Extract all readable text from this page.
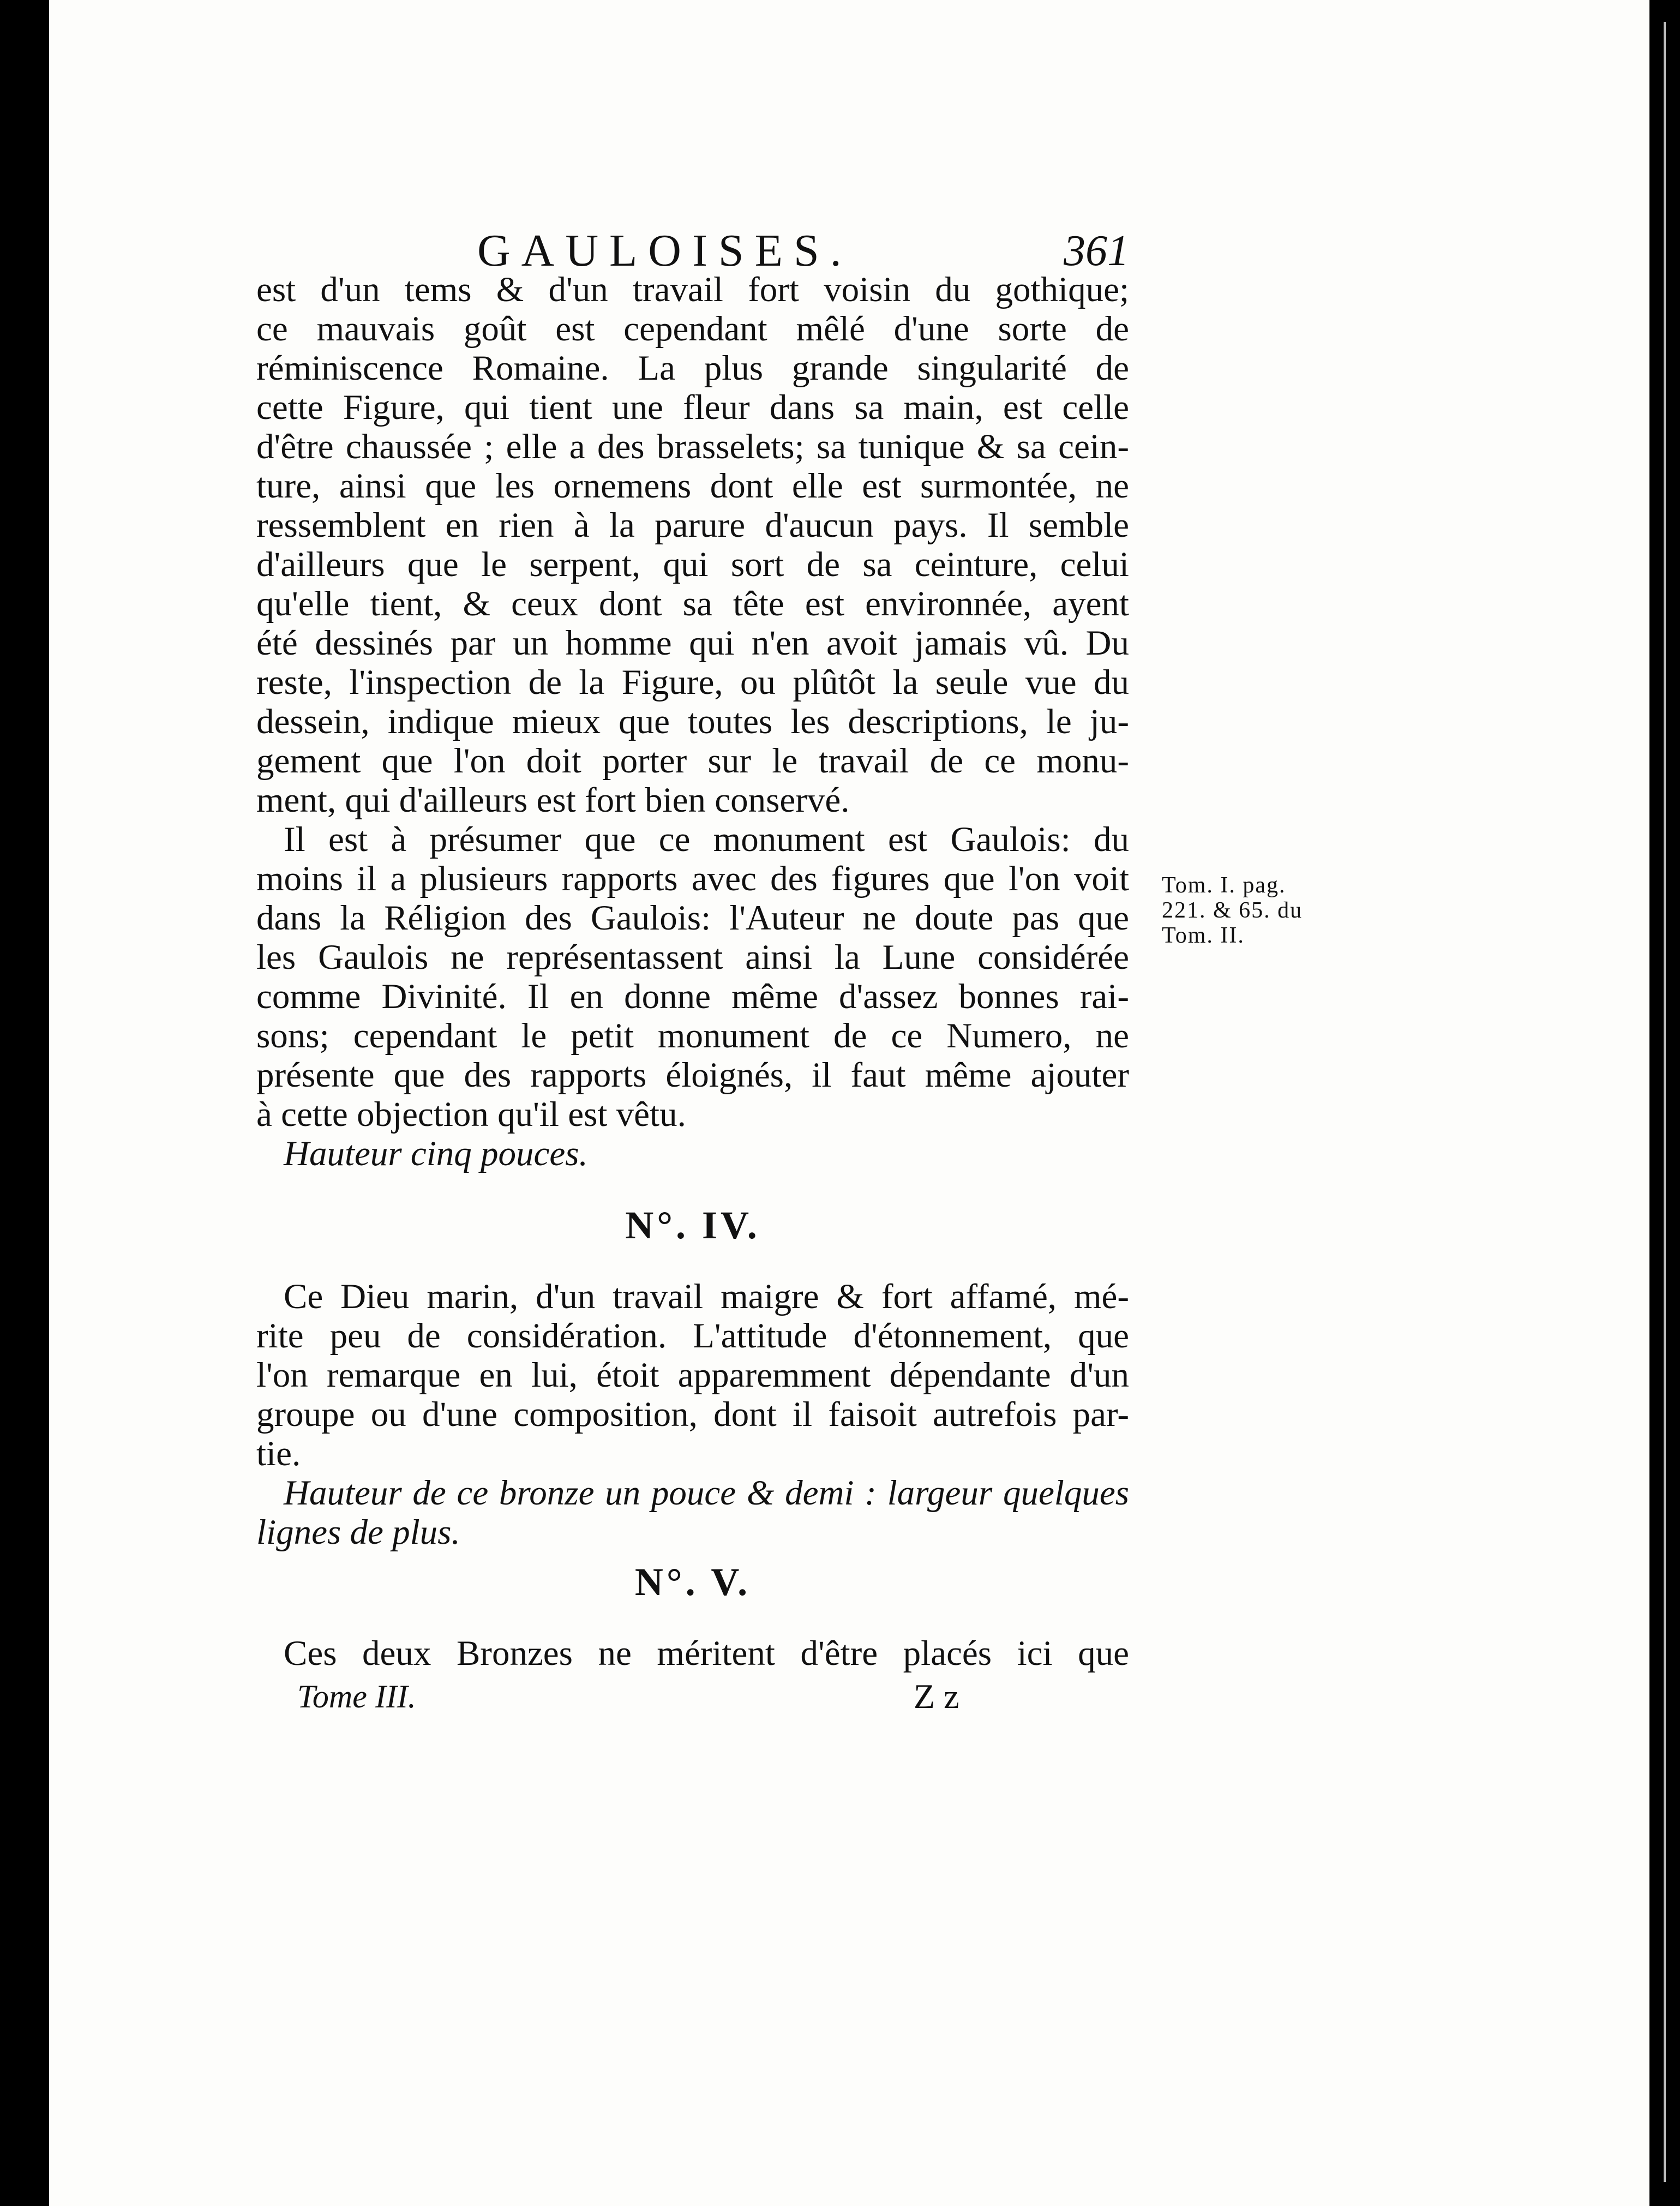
GAULOISES.	361
est d'un tems & d'un travail fort voisin du gothique;
ce mauvais goût est cependant mêlé d'une sorte de
réminiscence Romaine. La plus grande singularité de
cette Figure, qui tient une fleur dans sa main, est celle
d'être chaussée ; elle a des brasselets; sa tunique & sa cein-
ture, ainsi que les ornemens dont elle est surmontée, ne
ressemblent en rien à la parure d'aucun pays. Il semble
d'ailleurs que le serpent, qui sort de sa ceinture, celui
qu'elle tient, & ceux dont sa tête est environnée, ayent
été dessinés par un homme qui n'en avoit jamais vû. Du
reste, l'inspection de la Figure, ou plûtôt la seule vue du
dessein, indique mieux que toutes les descriptions, le ju-
gement que l'on doit porter sur le travail de ce monu-
ment, qui d'ailleurs est fort bien conservé.
Il est à présumer que ce monument est Gaulois: du
moins il a plusieurs rapports avec des figures que l'on voit
dans la Réligion des Gaulois: l'Auteur ne doute pas que
les Gaulois ne représentassent ainsi la Lune considérée
comme Divinité. Il en donne même d'assez bonnes rai-
sons; cependant le petit monument de ce Numero, ne
présente que des rapports éloignés, il faut même ajouter
à cette objection qu'il est vêtu.
Hauteur cinq pouces.
N°. IV.
Ce Dieu marin, d'un travail maigre & fort affamé, mé-
rite peu de considération. L'attitude d'étonnement, que
l'on remarque en lui, étoit apparemment dépendante d'un
groupe ou d'une composition, dont il faisoit autrefois par-
tie.
Hauteur de ce bronze un pouce & demi : largeur quelques
lignes de plus.
N°. V.
Ces deux Bronzes ne méritent d'être placés ici que
Tom. I. pag.
221. & 65. du
Tom. II.
Tome III.	Z z
